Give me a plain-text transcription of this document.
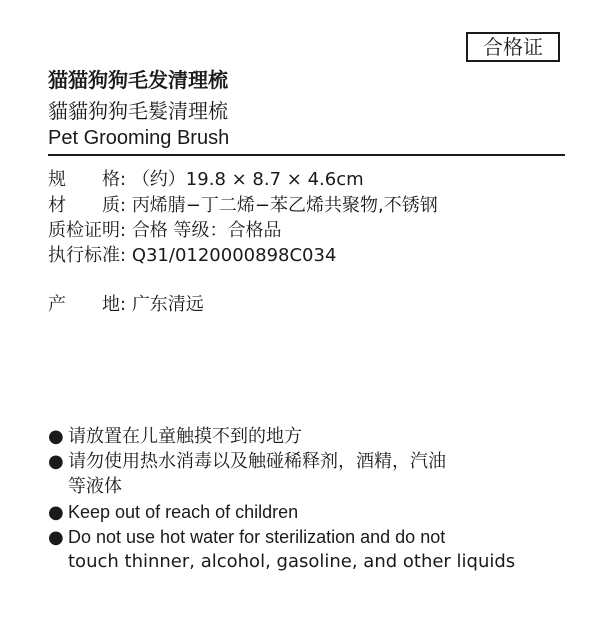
合格证
猫猫狗狗毛发清理梳
貓貓狗狗毛髮清理梳
Pet Grooming Brush
规　　格: （约）19.8 × 8.7 × 4.6cm
材　　质: 丙烯腈−丁二烯−苯乙烯共聚物,不锈钢
质检证明: 合格 等级：合格品
执行标准: Q31/0120000898C034
产　　地: 广东清远
● 请放置在儿童触摸不到的地方
● 请勿使用热水消毒以及触碰稀释剂，酒精，汽油
等液体
● Keep out of reach of children
● Do not use hot water for sterilization and do not
touch thinner, alcohol, gasoline, and other liquids
